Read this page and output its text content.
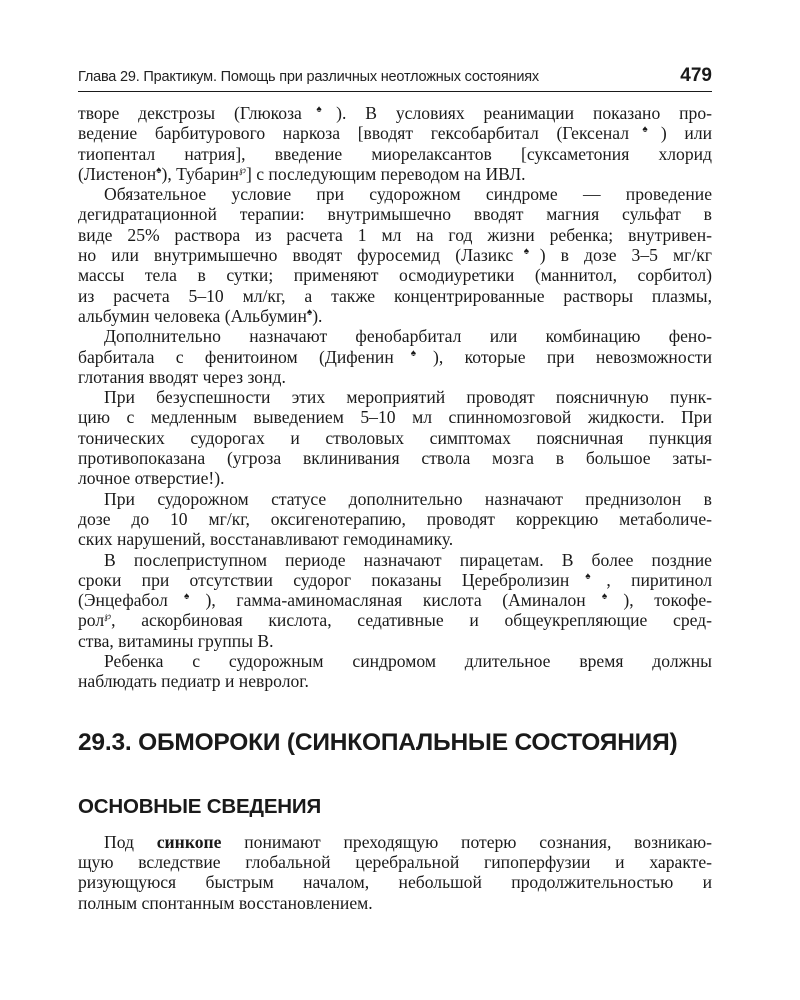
Глава 29. Практикум. Помощь при различных неотложных состояниях	479
творе декстрозы (Глюкоза♠). В условиях реанимации показано про-
ведение барбитурового наркоза [вводят гексобарбитал (Гексенал♠) или
тиопентал натрия], введение миорелаксантов [суксаметония хлорид
(Листенон♠), Тубарин℘] с последующим переводом на ИВЛ.
Обязательное условие при судорожном синдроме — проведение
дегидратационной терапии: внутримышечно вводят магния сульфат в
виде 25% раствора из расчета 1 мл на год жизни ребенка; внутривен-
но или внутримышечно вводят фуросемид (Лазикс♠) в дозе 3–5 мг/кг
массы тела в сутки; применяют осмодиуретики (маннитол, сорбитол)
из расчета 5–10 мл/кг, а также концентрированные растворы плазмы,
альбумин человека (Альбумин♠).
Дополнительно назначают фенобарбитал или комбинацию фено-
барбитала с фенитоином (Дифенин♠), которые при невозможности
глотания вводят через зонд.
При безуспешности этих мероприятий проводят поясничную пунк-
цию с медленным выведением 5–10 мл спинномозговой жидкости. При
тонических судорогах и стволовых симптомах поясничная пункция
противопоказана (угроза вклинивания ствола мозга в большое заты-
лочное отверстие!).
При судорожном статусе дополнительно назначают преднизолон в
дозе до 10 мг/кг, оксигенотерапию, проводят коррекцию метаболиче-
ских нарушений, восстанавливают гемодинамику.
В послеприступном периоде назначают пирацетам. В более поздние
сроки при отсутствии судорог показаны Церебролизин♠, пиритинол
(Энцефабол♠), гамма-аминомасляная кислота (Аминалон♠), токофе-
рол℘, аскорбиновая кислота, седативные и общеукрепляющие сред-
ства, витамины группы В.
Ребенка с судорожным синдромом длительное время должны
наблюдать педиатр и невролог.
29.3. ОБМОРОКИ (СИНКОПАЛЬНЫЕ СОСТОЯНИЯ)
ОСНОВНЫЕ СВЕДЕНИЯ
Под синкопе понимают преходящую потерю сознания, возникаю-
щую вследствие глобальной церебральной гипоперфузии и характе-
ризующуюся быстрым началом, небольшой продолжительностью и
полным спонтанным восстановлением.
